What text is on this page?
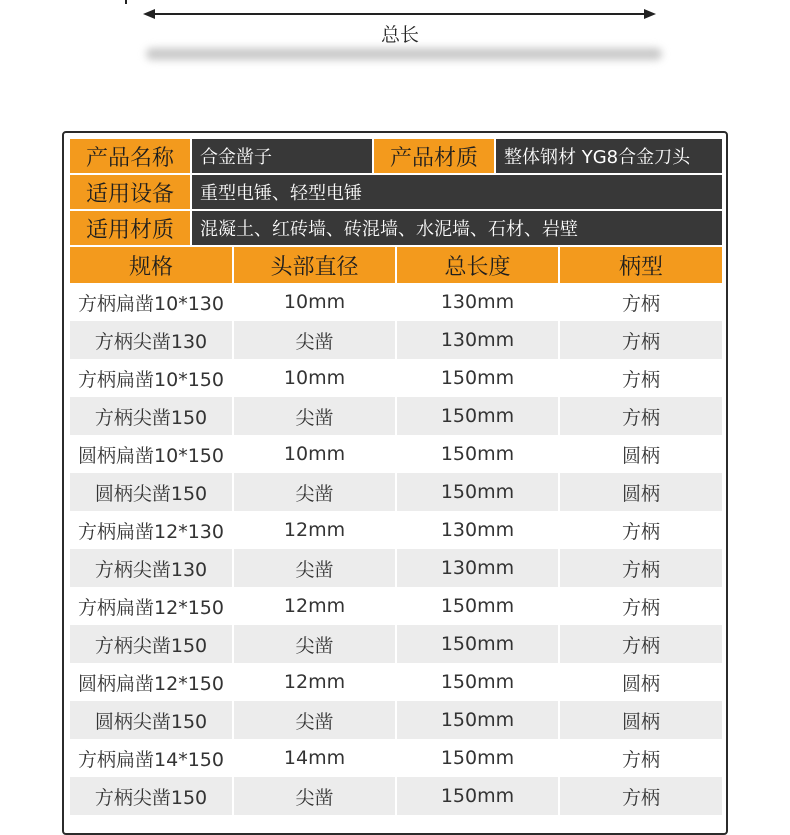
总长
产品名称	合金凿子	产品材质	整体钢材 YG8合金刀头
适用设备	重型电锤、轻型电锤
适用材质	混凝土、红砖墙、砖混墙、水泥墙、石材、岩壁
规格	头部直径	总长度	柄型
方柄扁凿10*130	10mm	130mm	方柄
方柄尖凿130	尖凿	130mm	方柄
方柄扁凿10*150	10mm	150mm	方柄
方柄尖凿150	尖凿	150mm	方柄
圆柄扁凿10*150	10mm	150mm	圆柄
圆柄尖凿150	尖凿	150mm	圆柄
方柄扁凿12*130	12mm	130mm	方柄
方柄尖凿130	尖凿	130mm	方柄
方柄扁凿12*150	12mm	150mm	方柄
方柄尖凿150	尖凿	150mm	方柄
圆柄扁凿12*150	12mm	150mm	圆柄
圆柄尖凿150	尖凿	150mm	圆柄
方柄扁凿14*150	14mm	150mm	方柄
方柄尖凿150	尖凿	150mm	方柄
